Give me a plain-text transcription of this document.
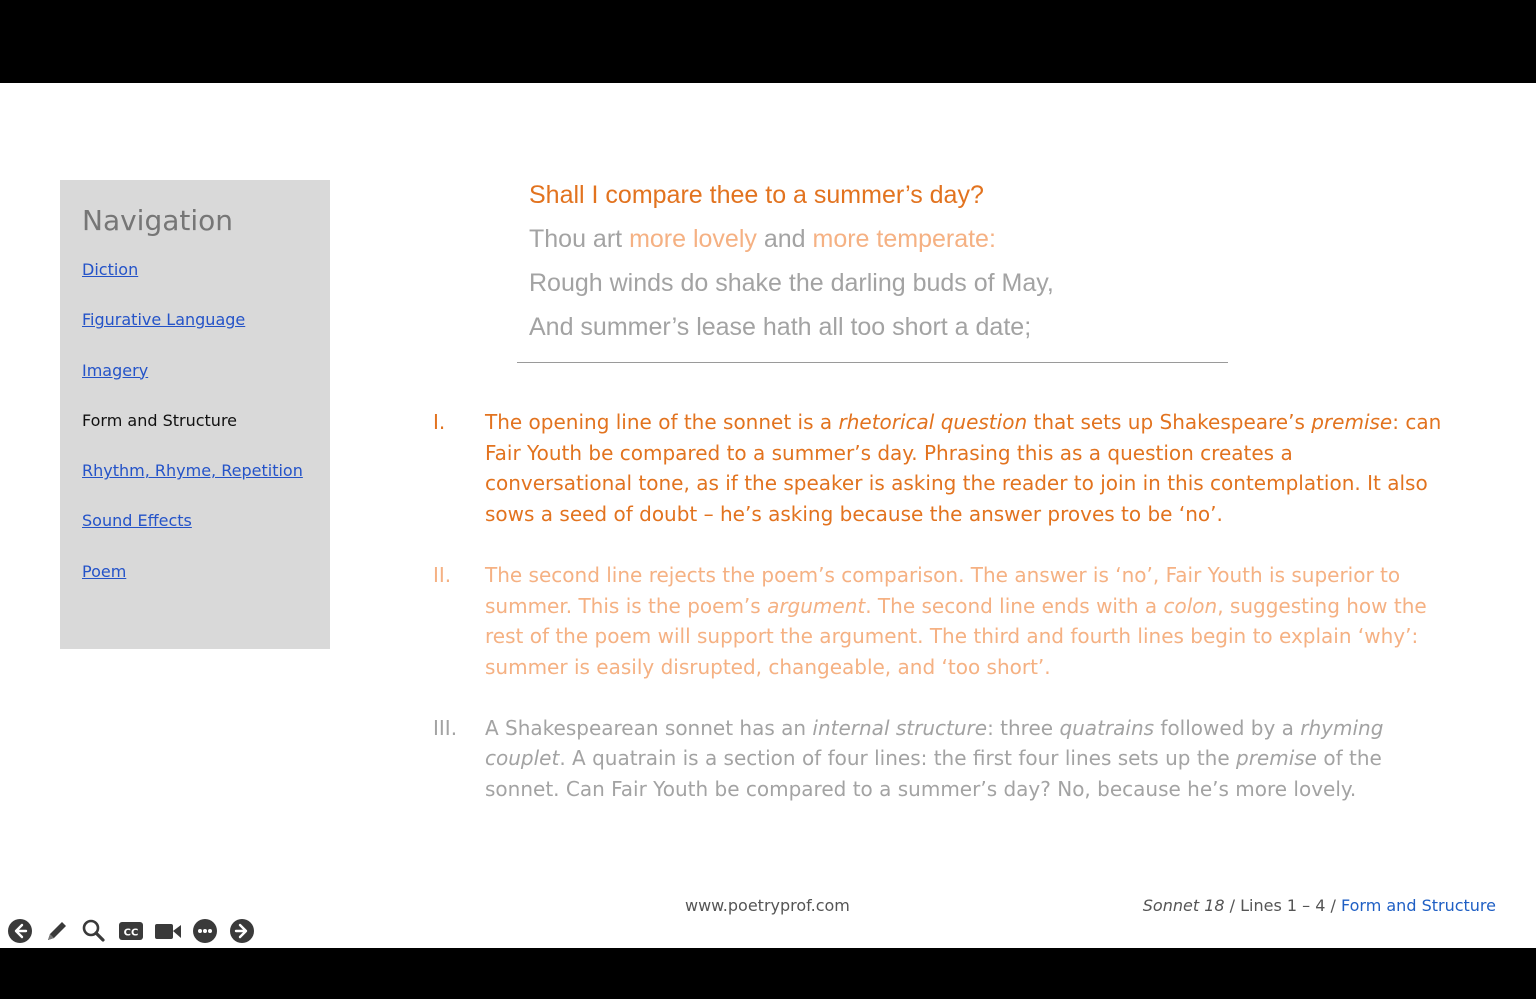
Navigation
Diction
Figurative Language
Imagery
Form and Structure
Rhythm, Rhyme, Repetition
Sound Effects
Poem
Shall I compare thee to a summer’s day?
Thou art more lovely and more temperate:
Rough winds do shake the darling buds of May,
And summer’s lease hath all too short a date;
I. The opening line of the sonnet is a rhetorical question that sets up Shakespeare’s premise: can Fair Youth be compared to a summer’s day. Phrasing this as a question creates a conversational tone, as if the speaker is asking the reader to join in this contemplation. It also sows a seed of doubt – he’s asking because the answer proves to be ‘no’.
II. The second line rejects the poem’s comparison. The answer is ‘no’, Fair Youth is superior to summer. This is the poem’s argument. The second line ends with a colon, suggesting how the rest of the poem will support the argument. The third and fourth lines begin to explain ‘why’: summer is easily disrupted, changeable, and ‘too short’.
III. A Shakespearean sonnet has an internal structure: three quatrains followed by a rhyming couplet. A quatrain is a section of four lines: the first four lines sets up the premise of the sonnet. Can Fair Youth be compared to a summer’s day? No, because he’s more lovely.
www.poetryprof.com	Sonnet 18 / Lines 1 – 4 / Form and Structure
CC
